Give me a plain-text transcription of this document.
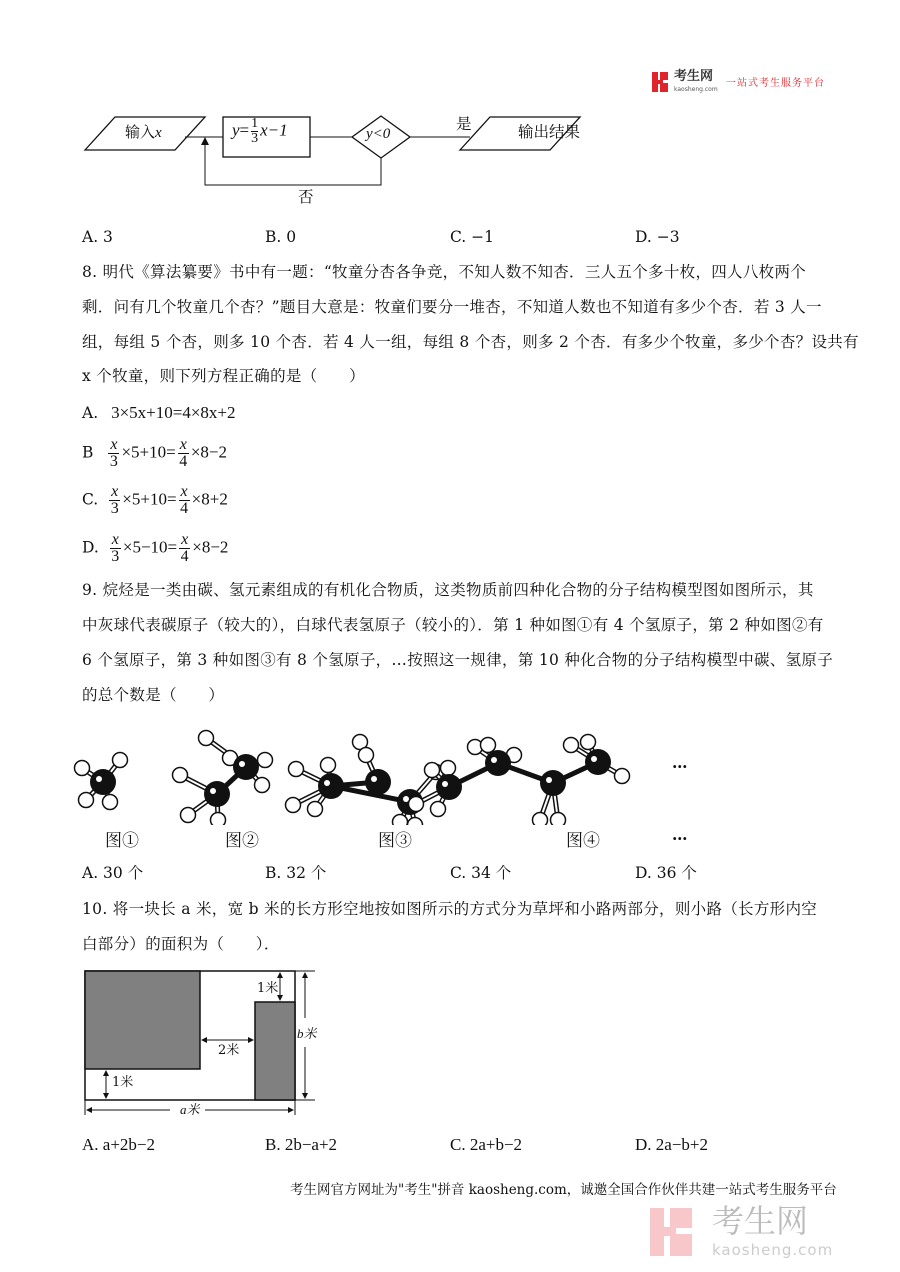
考生网
kaosheng.com
一站式考生服务平台
输入x	$y= \frac{1}{3} x-1$	y<0
是	输出结果
否
A. 3	B. 0	C. −1	D. −3
8. 明代《算法纂要》书中有一题：“牧童分杏各争竞，不知人数不知杏．三人五个多十枚，四人八枚两个
剩．问有几个牧童几个杏？”题目大意是：牧童们要分一堆杏，不知道人数也不知道有多少个杏．若 3 人一
组，每组 5 个杏，则多 10 个杏．若 4 人一组，每组 8 个杏，则多 2 个杏．有多少个牧童，多少个杏？设共有
x 个牧童，则下列方程正确的是（　　）
A. 3×5x+10=4×8x+2
B $\frac{x}{3} \times 5+10= \frac{x}{4} \times 8-2$
C. $\frac{x}{3} \times 5+10= \frac{x}{4} \times 8+2$
D. $\frac{x}{3} \times 5-10= \frac{x}{4} \times 8-2$
9. 烷烃是一类由碳、氢元素组成的有机化合物质，这类物质前四种化合物的分子结构模型图如图所示，其
中灰球代表碳原子（较大的），白球代表氢原子（较小的）．第 1 种如图①有 4 个氢原子，第 2 种如图②有
6 个氢原子，第 3 种如图③有 8 个氢原子，…按照这一规律，第 10 种化合物的分子结构模型中碳、氢原子
的总个数是（　　）
…
图①	图②	图③	图④	…
A. 30 个	B. 32 个	C. 34 个	D. 36 个
10. 将一块长 a 米，宽 b 米的长方形空地按如图所示的方式分为草坪和小路两部分，则小路（长方形内空
白部分）的面积为（　　）．
1米
2米
1米
b米
a米
A. a+2b−2	B. 2b−a+2	C. 2a+b−2	D. 2a−b+2
考生网官方网址为"考生"拼音 kaosheng.com，诚邀全国合作伙伴共建一站式考生服务平台
考生网
kaosheng.com
